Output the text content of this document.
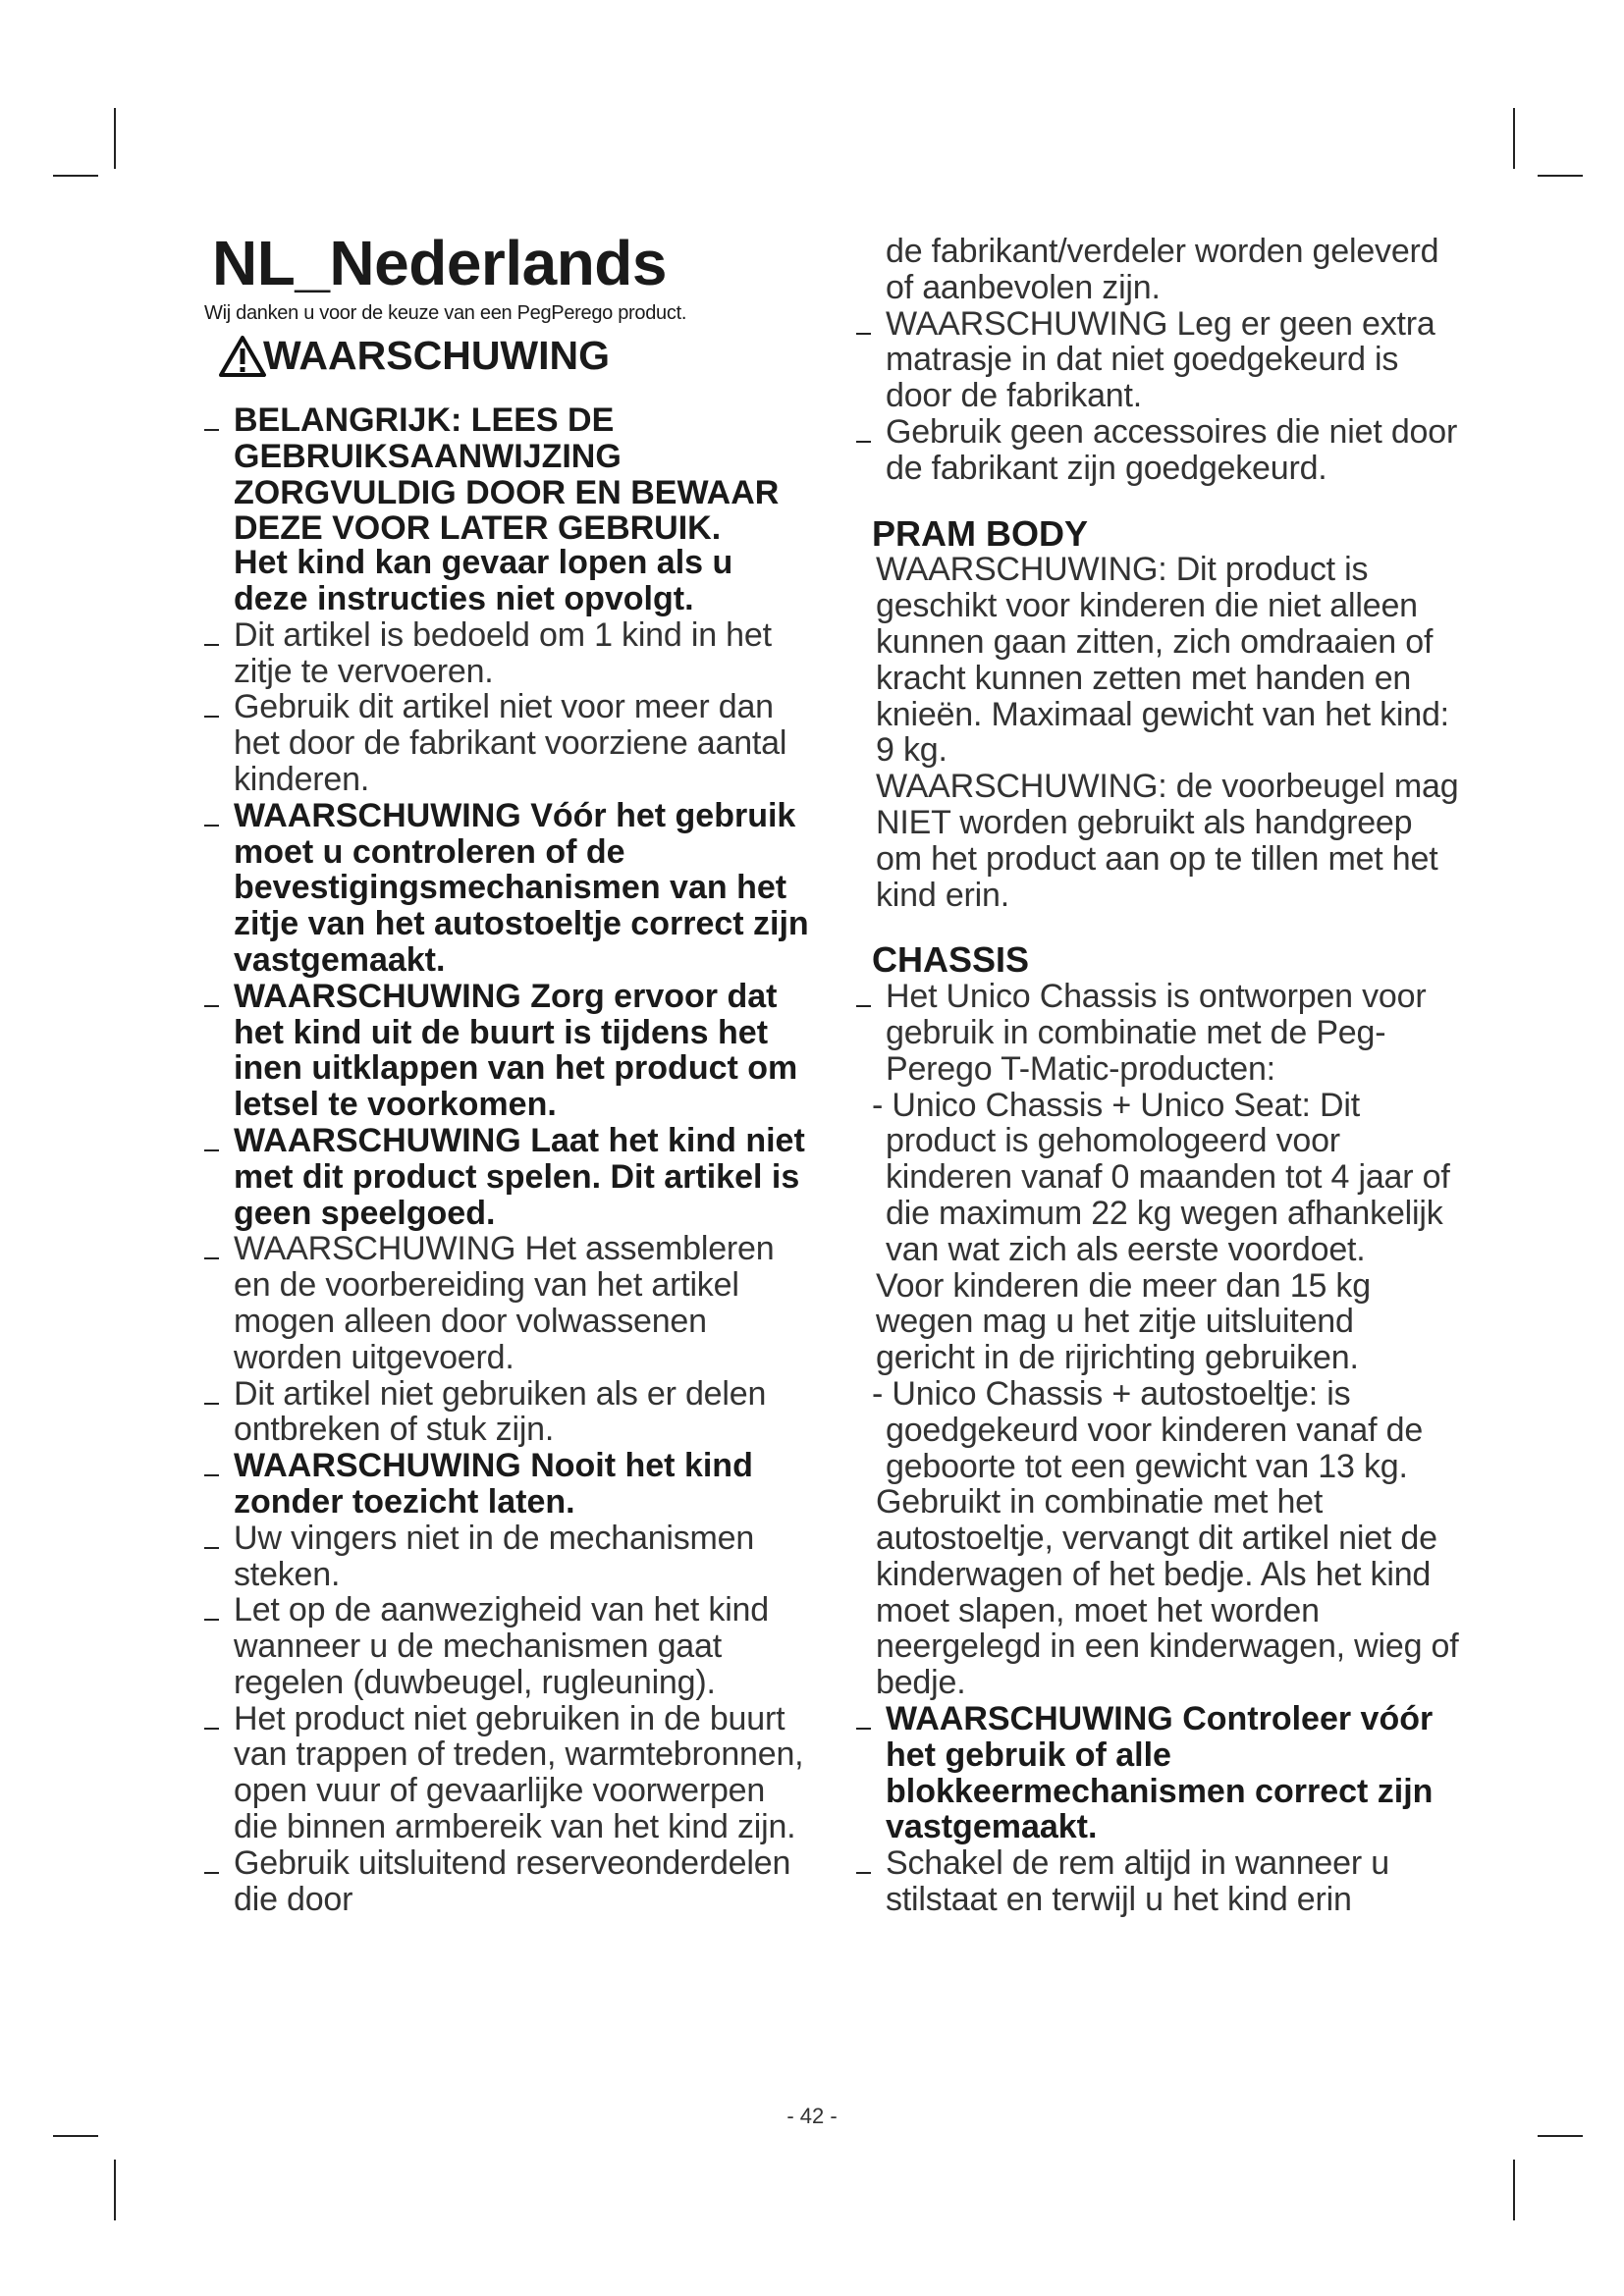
NL_Nederlands
Wij danken u voor de keuze van een PegPerego product.
WAARSCHUWING
BELANGRIJK: LEES DE GEBRUIKSAANWIJZING ZORGVULDIG DOOR EN BEWAAR DEZE VOOR LATER GEBRUIK.
Het kind kan gevaar lopen als u deze instructies niet opvolgt.
Dit artikel is bedoeld om 1 kind in het zitje te vervoeren.
Gebruik dit artikel niet voor meer dan het door de fabrikant voorziene aantal kinderen.
WAARSCHUWING Vóór het gebruik moet u controleren of de bevestigingsmechanismen van het zitje van het autostoeltje correct zijn vastgemaakt.
WAARSCHUWING Zorg ervoor dat het kind uit de buurt is tijdens het inen uitklappen van het product om letsel te voorkomen.
WAARSCHUWING Laat het kind niet met dit product spelen. Dit artikel is geen speelgoed.
WAARSCHUWING Het assembleren en de voorbereiding van het artikel mogen alleen door volwassenen worden uitgevoerd.
Dit artikel niet gebruiken als er delen ontbreken of stuk zijn.
WAARSCHUWING Nooit het kind zonder toezicht laten.
Uw vingers niet in de mechanismen steken.
Let op de aanwezigheid van het kind wanneer u de mechanismen gaat regelen (duwbeugel, rugleuning).
Het product niet gebruiken in de buurt van trappen of treden, warmtebronnen, open vuur of gevaarlijke voorwerpen die binnen armbereik van het kind zijn.
Gebruik uitsluitend reserveonderdelen die door
de fabrikant/verdeler worden geleverd of aanbevolen zijn.
WAARSCHUWING Leg er geen extra matrasje in dat niet goedgekeurd is door de fabrikant.
Gebruik geen accessoires die niet door de fabrikant zijn goedgekeurd.
PRAM BODY
WAARSCHUWING: Dit product is geschikt voor kinderen die niet alleen kunnen gaan zitten, zich omdraaien of kracht kunnen zetten met handen en knieën. Maximaal gewicht van het kind: 9 kg.
WAARSCHUWING: de voorbeugel mag NIET worden gebruikt als handgreep om het product aan op te tillen met het kind erin.
CHASSIS
Het Unico Chassis is ontworpen voor gebruik in combinatie met de Peg-Perego T-Matic-producten:
- Unico Chassis + Unico Seat: Dit product is gehomologeerd voor kinderen vanaf 0 maanden tot 4 jaar of die maximum 22 kg wegen afhankelijk van wat zich als eerste voordoet.
Voor kinderen die meer dan 15 kg wegen mag u het zitje uitsluitend gericht in de rijrichting gebruiken.
- Unico Chassis + autostoeltje: is goedgekeurd voor kinderen vanaf de geboorte tot een gewicht van 13 kg.
Gebruikt in combinatie met het autostoeltje, vervangt dit artikel niet de kinderwagen of het bedje. Als het kind moet slapen, moet het worden neergelegd in een kinderwagen, wieg of bedje.
WAARSCHUWING Controleer vóór het gebruik of alle blokkeermechanismen correct zijn vastgemaakt.
Schakel de rem altijd in wanneer u stilstaat en terwijl u het kind erin
- 42 -
